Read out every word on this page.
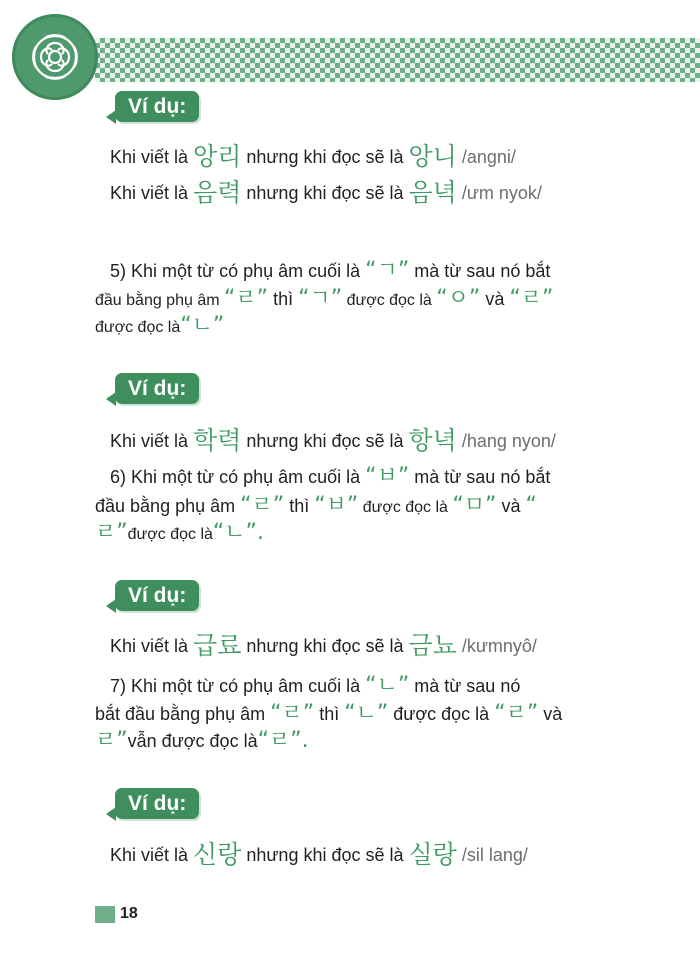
Ví dụ:
Khi viết là 앙리 nhưng khi đọc sẽ là 앙니 /angni/
Khi viết là 음력 nhưng khi đọc sẽ là 음녁 /ưm nyok/
5) Khi một từ có phụ âm cuối là “ㄱ” mà từ sau nó bắt
đầu bằng phụ âm “ㄹ” thì “ㄱ” được đọc là “ㅇ” và “ㄹ”
được đọc là“ㄴ”
Ví dụ:
Khi viết là 학력 nhưng khi đọc sẽ là 항녁 /hang nyon/
6) Khi một từ có phụ âm cuối là “ㅂ” mà từ sau nó bắt
đầu bằng phụ âm “ㄹ” thì “ㅂ” được đọc là “ㅁ” và “
ㄹ”được đọc là“ㄴ”.
Ví dụ:
Khi viết là 급료 nhưng khi đọc sẽ là 금뇨 /kưmnyô/
7) Khi một từ có phụ âm cuối là “ㄴ” mà từ sau nó
bắt đầu bằng phụ âm “ㄹ” thì “ㄴ” được đọc là “ㄹ” và
ㄹ”vẫn được đọc là“ㄹ”.
Ví dụ:
Khi viết là 신랑 nhưng khi đọc sẽ là 실랑 /sil lang/
18
